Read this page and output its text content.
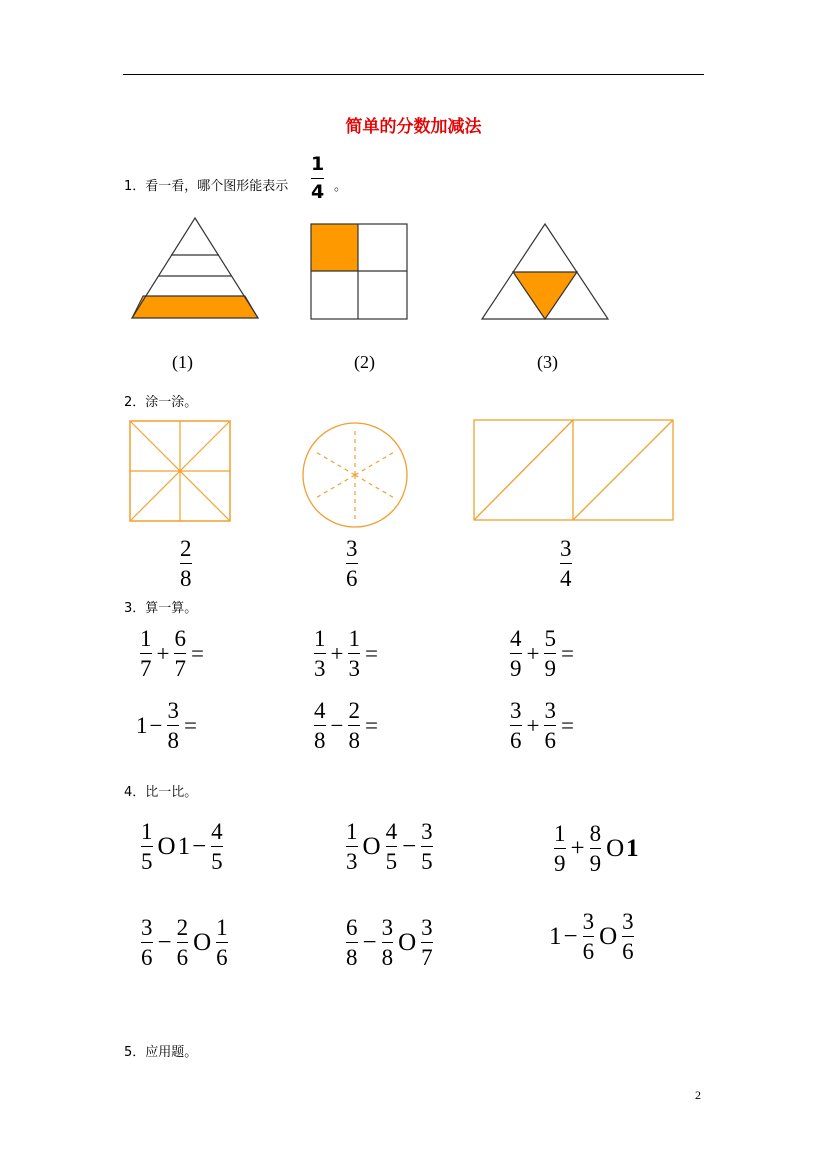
简单的分数加减法
1．看一看，哪个图形能表示
1
4 。
(1)	(2)	(3)
2．涂一涂。
2
8
3
6
3
4
3．算一算。
$\frac{1}{7} + \frac{6}{7}$ =	$\frac{1}{3} + \frac{1}{3}$ =	$\frac{4}{9} + \frac{5}{9}$ =
$1 - \frac{3}{8}$ =	$\frac{4}{8} - \frac{2}{8}$ =	$\frac{3}{6} + \frac{3}{6}$ =
4．比一比。
$\frac{1}{5}$ O $1 - \frac{4}{5}$	$\frac{1}{3}$ O $\frac{4}{5} - \frac{3}{5}$	$\frac{1}{9} + \frac{8}{9}$ O 1
$\frac{3}{6} - \frac{2}{6}$ O $\frac{1}{6}$	$\frac{6}{8} - \frac{3}{8}$ O $\frac{3}{7}$	$1 - \frac{3}{6}$ O $\frac{3}{6}$
5．应用题。
2
